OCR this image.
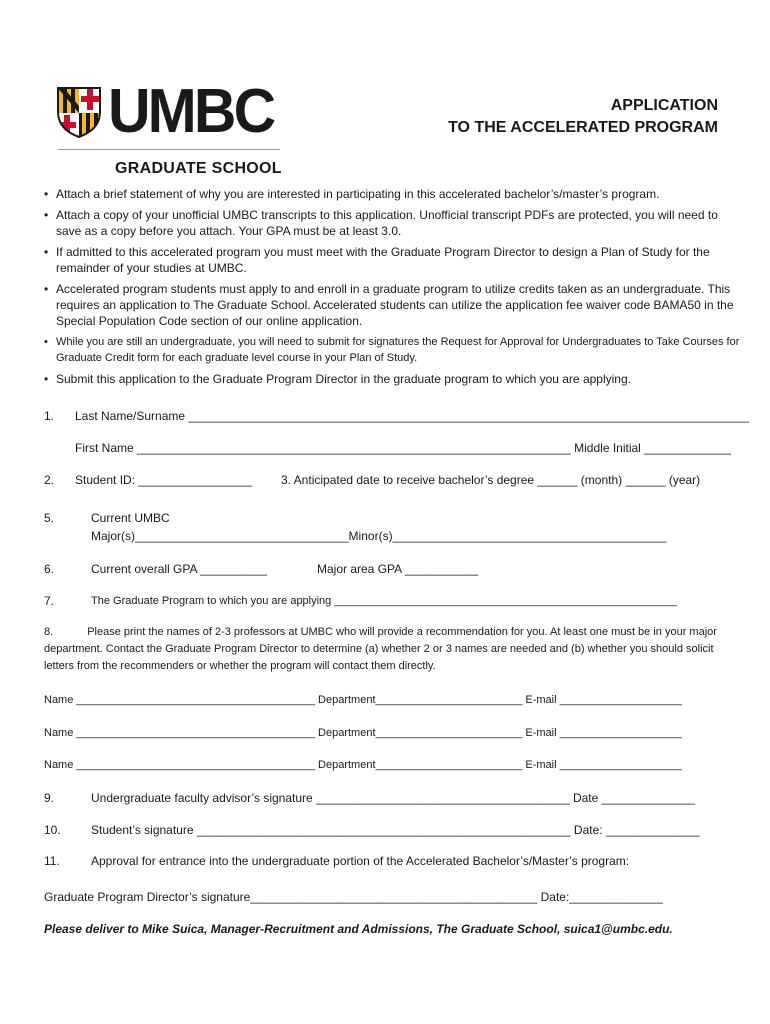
UMBC
GRADUATE SCHOOL
APPLICATION
TO THE ACCELERATED PROGRAM
• Attach a brief statement of why you are interested in participating in this accelerated bachelor’s/master’s program.
• Attach a copy of your unofficial UMBC transcripts to this application. Unofficial transcript PDFs are protected, you will need to save as a copy before you attach. Your GPA must be at least 3.0.
• If admitted to this accelerated program you must meet with the Graduate Program Director to design a Plan of Study for the remainder of your studies at UMBC.
• Accelerated program students must apply to and enroll in a graduate program to utilize credits taken as an undergraduate. This requires an application to The Graduate School. Accelerated students can utilize the application fee waiver code BAMA50 in the Special Population Code section of our online application.
• While you are still an undergraduate, you will need to submit for signatures the Request for Approval for Undergraduates to Take Courses for Graduate Credit form for each graduate level course in your Plan of Study.
• Submit this application to the Graduate Program Director in the graduate program to which you are applying.
1. Last Name/Surname ____________________________________________________________________________________
First Name _________________________________________________________________ Middle Initial _____________
2. Student ID: _________________ 3. Anticipated date to receive bachelor’s degree ______ (month) ______ (year)
5.	Current UMBC
Major(s)________________________________Minor(s)_________________________________________
6.	Current overall GPA __________	Major area GPA ___________
7.	The Graduate Program to which you are applying ________________________________________________________
8.	Please print the names of 2-3 professors at UMBC who will provide a recommendation for you. At least one must be in your major department. Contact the Graduate Program Director to determine (a) whether 2 or 3 names are needed and (b) whether you should solicit letters from the recommenders or whether the program will contact them directly.
Name _______________________________________ Department________________________ E-mail ____________________
Name _______________________________________ Department________________________ E-mail ____________________
Name _______________________________________ Department________________________ E-mail ____________________
9.	Undergraduate faculty advisor’s signature ______________________________________ Date ______________
10.	Student’s signature ________________________________________________________ Date: ______________
11.	Approval for entrance into the undergraduate portion of the Accelerated Bachelor’s/Master’s program:
Graduate Program Director’s signature___________________________________________ Date:______________
Please deliver to Mike Suica, Manager-Recruitment and Admissions, The Graduate School, suica1@umbc.edu.
